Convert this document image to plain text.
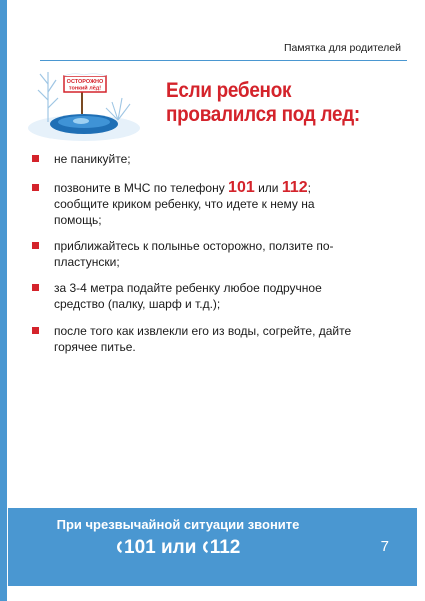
Памятка для родителей
ОСТОРОЖНО
тонкий лёд!	Если ребенок
провалился под лед:
не паникуйте;
позвоните в МЧС по телефону 101 или 112; сообщите криком ребенку, что идете к нему на помощь;
приближайтесь к полынье осторожно, ползите по-пластунски;
за 3-4 метра подайте ребенку любое подручное средство (палку, шарф и т.д.);
после того как извлекли его из воды, согрейте, дайте горячее питье.
При чрезвычайной ситуации звоните
101 или 112	7
